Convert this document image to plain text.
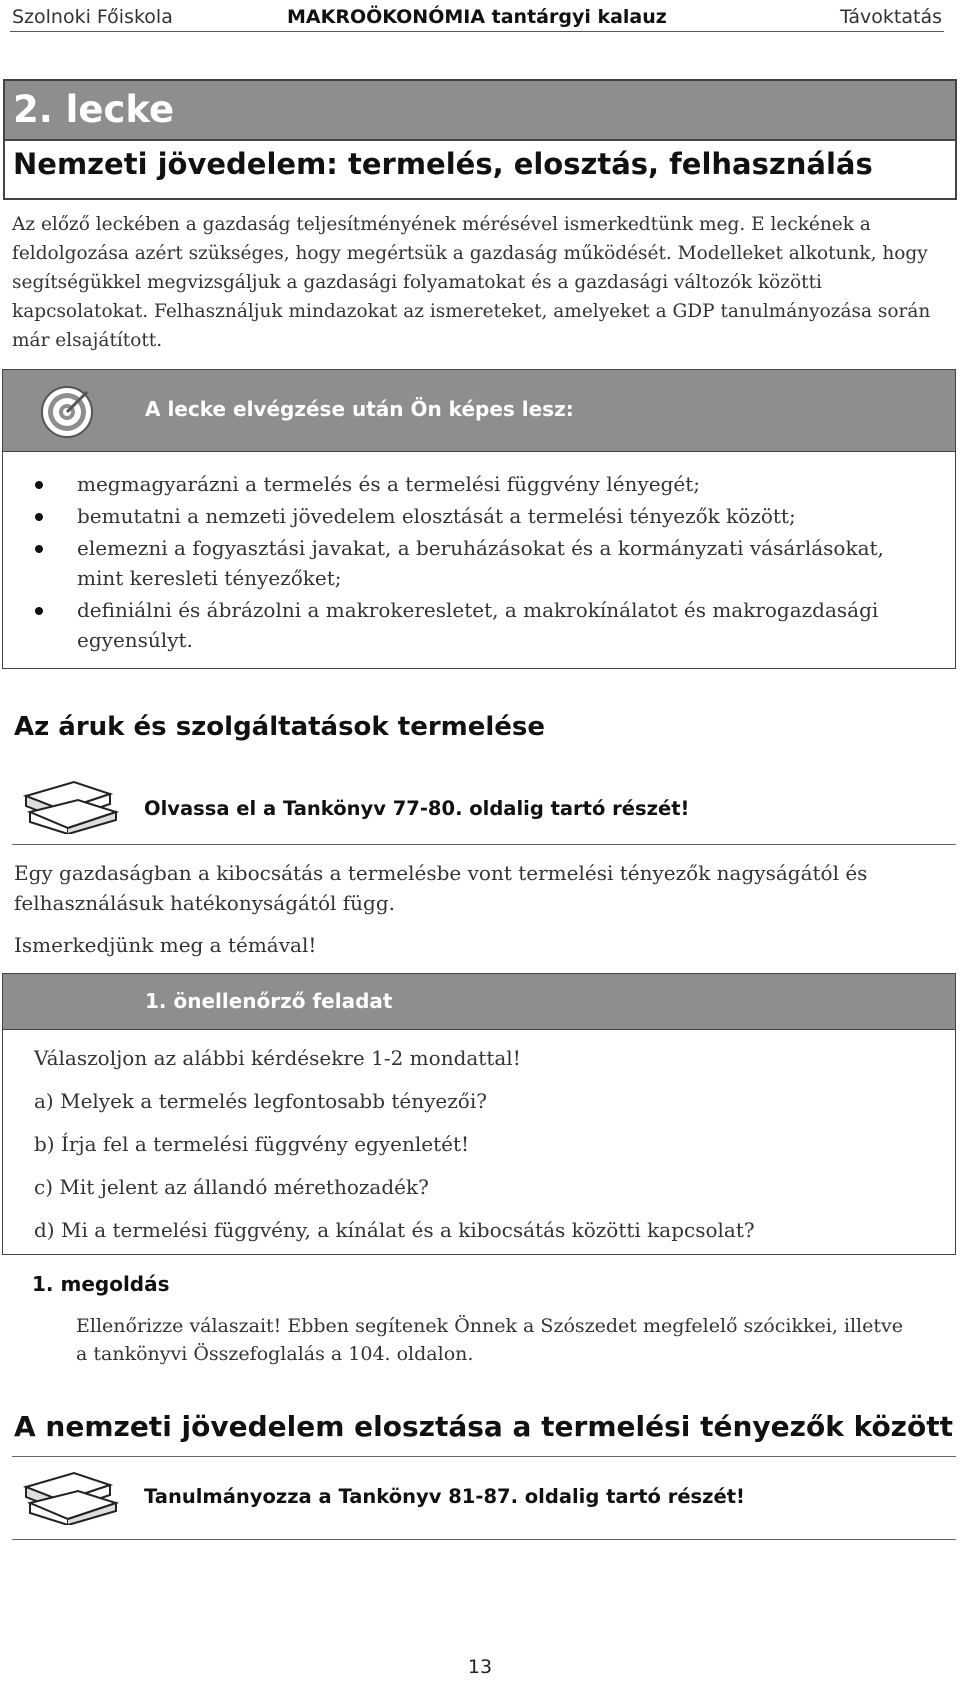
Szolnoki Főiskola	MAKROÖKONÓMIA tantárgyi kalauz	Távoktatás
2. lecke
Nemzeti jövedelem: termelés, elosztás, felhasználás
Az előző leckében a gazdaság teljesítményének mérésével ismerkedtünk meg. E leckének a feldolgozása azért szükséges, hogy megértsük a gazdaság működését. Modelleket alkotunk, hogy segítségükkel megvizsgáljuk a gazdasági folyamatokat és a gazdasági változók közötti kapcsolatokat. Felhasználjuk mindazokat az ismereteket, amelyeket a GDP tanulmányozása során már elsajátított.
A lecke elvégzése után Ön képes lesz:
megmagyarázni a termelés és a termelési függvény lényegét;
bemutatni a nemzeti jövedelem elosztását a termelési tényezők között;
elemezni a fogyasztási javakat, a beruházásokat és a kormányzati vásárlásokat, mint keresleti tényezőket;
definiálni és ábrázolni a makrokeresletet, a makrokínálatot és makrogazdasági egyensúlyt.
Az áruk és szolgáltatások termelése
Olvassa el a Tankönyv 77-80. oldalig tartó részét!
Egy gazdaságban a kibocsátás a termelésbe vont termelési tényezők nagyságától és felhasználásuk hatékonyságától függ.
Ismerkedjünk meg a témával!
1. önellenőrző feladat
Válaszoljon az alábbi kérdésekre 1-2 mondattal!
a) Melyek a termelés legfontosabb tényezői?
b) Írja fel a termelési függvény egyenletét!
c) Mit jelent az állandó mérethozadék?
d) Mi a termelési függvény, a kínálat és a kibocsátás közötti kapcsolat?
1. megoldás
Ellenőrizze válaszait! Ebben segítenek Önnek a Szószedet megfelelő szócikkei, illetve a tankönyvi Összefoglalás a 104. oldalon.
A nemzeti jövedelem elosztása a termelési tényezők között
Tanulmányozza a Tankönyv 81-87. oldalig tartó részét!
13
